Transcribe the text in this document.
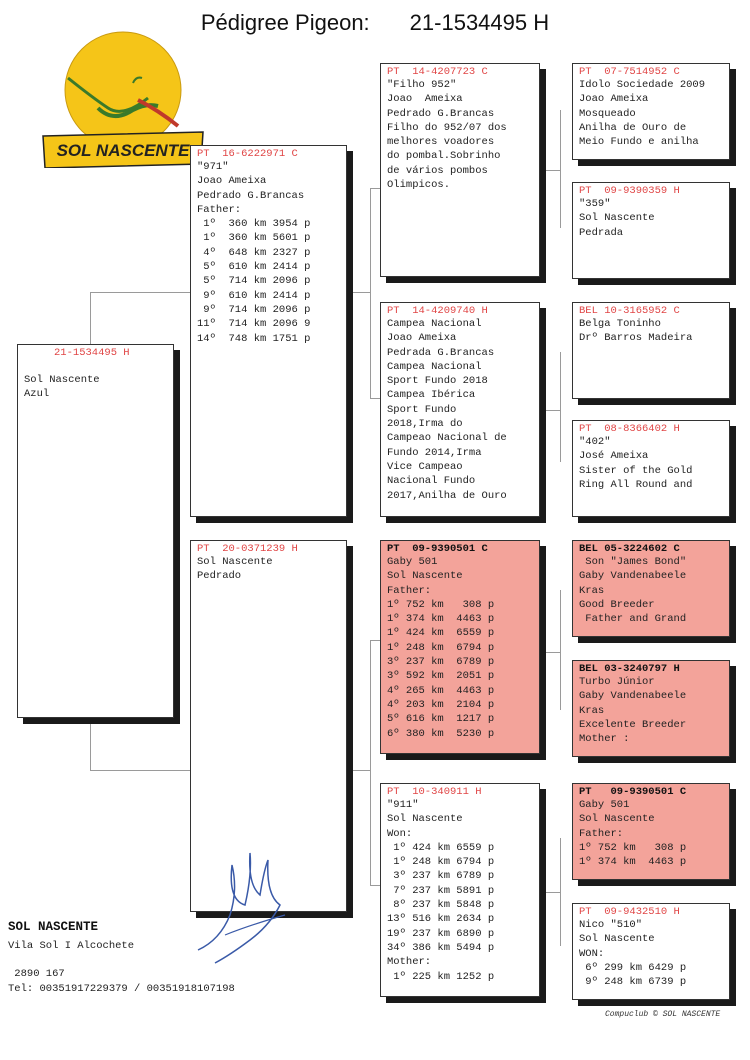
Pédigree Pigeon: 21-1534495 H
SOL NASCENTE
21-1534495 H
Sol Nascente
Azul
PT  16-6222971 C
"971"
Joao Ameixa
Pedrado G.Brancas
Father:
1º  360 km 3954 p
1º  360 km 5601 p
4º  648 km 2327 p
5º  610 km 2414 p
5º  714 km 2096 p
9º  610 km 2414 p
9º  714 km 2096 p
11º  714 km 2096 9
14º  748 km 1751 p
PT  20-0371239 H
Sol Nascente
Pedrado
PT  14-4207723 C
"Filho 952"
Joao  Ameixa
Pedrado G.Brancas
Filho do 952/07 dos
melhores voadores
do pombal.Sobrinho
de vários pombos
Olimpicos.
PT  14-4209740 H
Campea Nacional
Joao Ameixa
Pedrada G.Brancas
Campea Nacional
Sport Fundo 2018
Campea Ibérica
Sport Fundo
2018,Irma do
Campeao Nacional de
Fundo 2014,Irma
Vice Campeao
Nacional Fundo
2017,Anilha de Ouro
PT  09-9390501 C
Gaby 501
Sol Nascente
Father:
1º 752 km   308 p
1º 374 km  4463 p
1º 424 km  6559 p
1º 248 km  6794 p
3º 237 km  6789 p
3º 592 km  2051 p
4º 265 km  4463 p
4º 203 km  2104 p
5º 616 km  1217 p
6º 380 km  5230 p
PT  10-340911 H
"911"
Sol Nascente
Won:
1º 424 km 6559 p
1º 248 km 6794 p
3º 237 km 6789 p
7º 237 km 5891 p
8º 237 km 5848 p
13º 516 km 2634 p
19º 237 km 6890 p
34º 386 km 5494 p
Mother:
1º 225 km 1252 p
PT  07-7514952 C
Idolo Sociedade 2009
Joao Ameixa
Mosqueado
Anilha de Ouro de
Meio Fundo e anilha
PT  09-9390359 H
"359"
Sol Nascente
Pedrada
BEL 10-3165952 C
Belga Toninho
Drº Barros Madeira
PT  08-8366402 H
"402"
José Ameixa
Sister of the Gold
Ring All Round and
BEL 05-3224602 C
Son "James Bond"
Gaby Vandenabeele
Kras
Good Breeder
Father and Grand
BEL 03-3240797 H
Turbo Júnior
Gaby Vandenabeele
Kras
Excelente Breeder
Mother :
PT   09-9390501 C
Gaby 501
Sol Nascente
Father:
1º 752 km   308 p
1º 374 km  4463 p
PT  09-9432510 H
Nico "510"
Sol Nascente
WON:
6º 299 km 6429 p
9º 248 km 6739 p
SOL NASCENTE
Vila Sol I Alcochete
2890 167
Tel: 00351917229379 / 00351918107198
Compuclub © SOL NASCENTE
